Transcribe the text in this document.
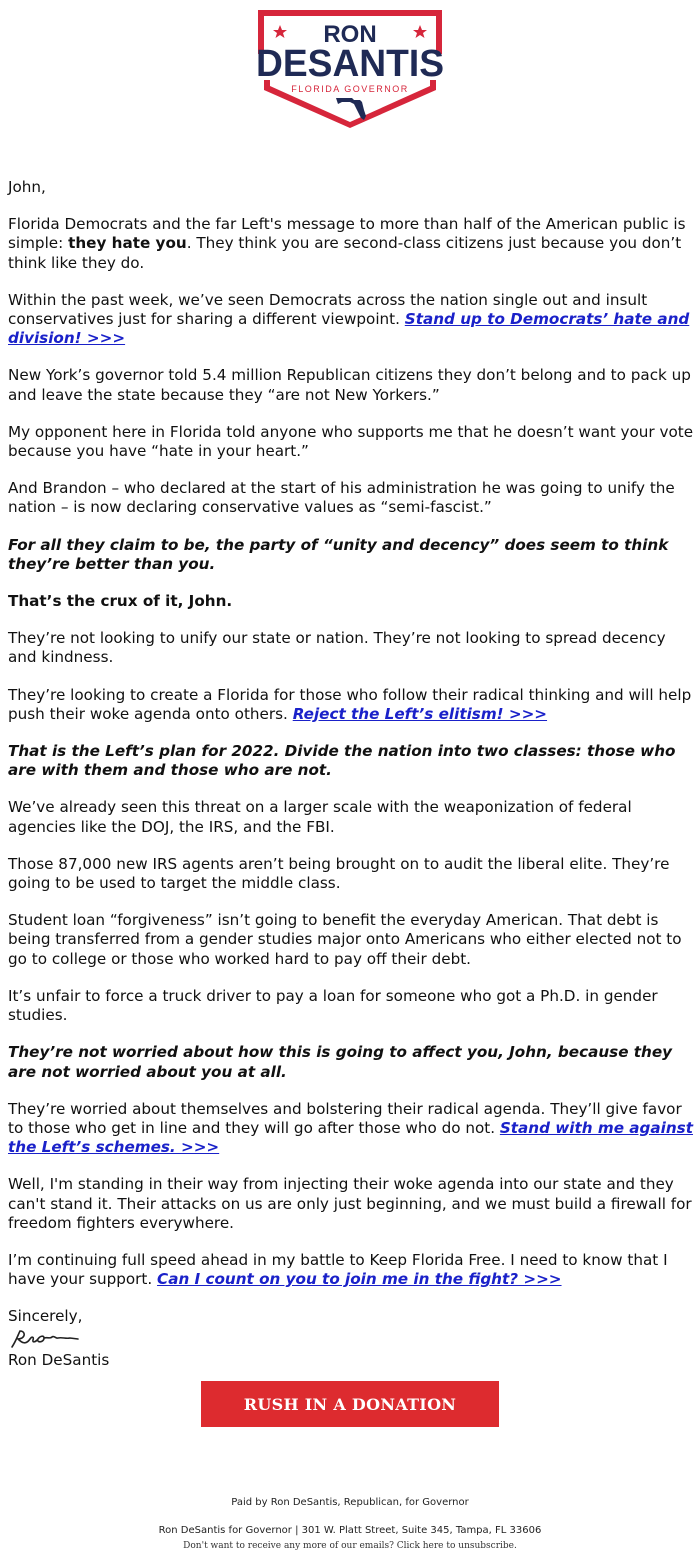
RON
DESANTIS
FLORIDA GOVERNOR

John,

Florida Democrats and the far Left's message to more than half of the American public is simple: they hate you. They think you are second-class citizens just because you don’t think like they do.

Within the past week, we’ve seen Democrats across the nation single out and insult conservatives just for sharing a different viewpoint. Stand up to Democrats’ hate and division! >>>

New York’s governor told 5.4 million Republican citizens they don’t belong and to pack up and leave the state because they “are not New Yorkers.”

My opponent here in Florida told anyone who supports me that he doesn’t want your vote because you have “hate in your heart.”

And Brandon – who declared at the start of his administration he was going to unify the nation – is now declaring conservative values as “semi-fascist.”

For all they claim to be, the party of “unity and decency” does seem to think they’re better than you.

That’s the crux of it, John.

They’re not looking to unify our state or nation. They’re not looking to spread decency and kindness.

They’re looking to create a Florida for those who follow their radical thinking and will help push their woke agenda onto others. Reject the Left’s elitism! >>>

That is the Left’s plan for 2022. Divide the nation into two classes: those who are with them and those who are not.

We’ve already seen this threat on a larger scale with the weaponization of federal agencies like the DOJ, the IRS, and the FBI.

Those 87,000 new IRS agents aren’t being brought on to audit the liberal elite. They’re going to be used to target the middle class.

Student loan “forgiveness” isn’t going to benefit the everyday American. That debt is being transferred from a gender studies major onto Americans who either elected not to go to college or those who worked hard to pay off their debt.

It’s unfair to force a truck driver to pay a loan for someone who got a Ph.D. in gender studies.

They’re not worried about how this is going to affect you, John, because they are not worried about you at all.

They’re worried about themselves and bolstering their radical agenda. They’ll give favor to those who get in line and they will go after those who do not. Stand with me against the Left’s schemes. >>>

Well, I'm standing in their way from injecting their woke agenda into our state and they can't stand it. Their attacks on us are only just beginning, and we must build a firewall for freedom fighters everywhere.

I’m continuing full speed ahead in my battle to Keep Florida Free. I need to know that I have your support. Can I count on you to join me in the fight? >>>

Sincerely,

Ron DeSantis

RUSH IN A DONATION
Paid by Ron DeSantis, Republican, for Governor
Ron DeSantis for Governor | 301 W. Platt Street, Suite 345, Tampa, FL 33606
Don't want to receive any more of our emails? Click here to unsubscribe.
